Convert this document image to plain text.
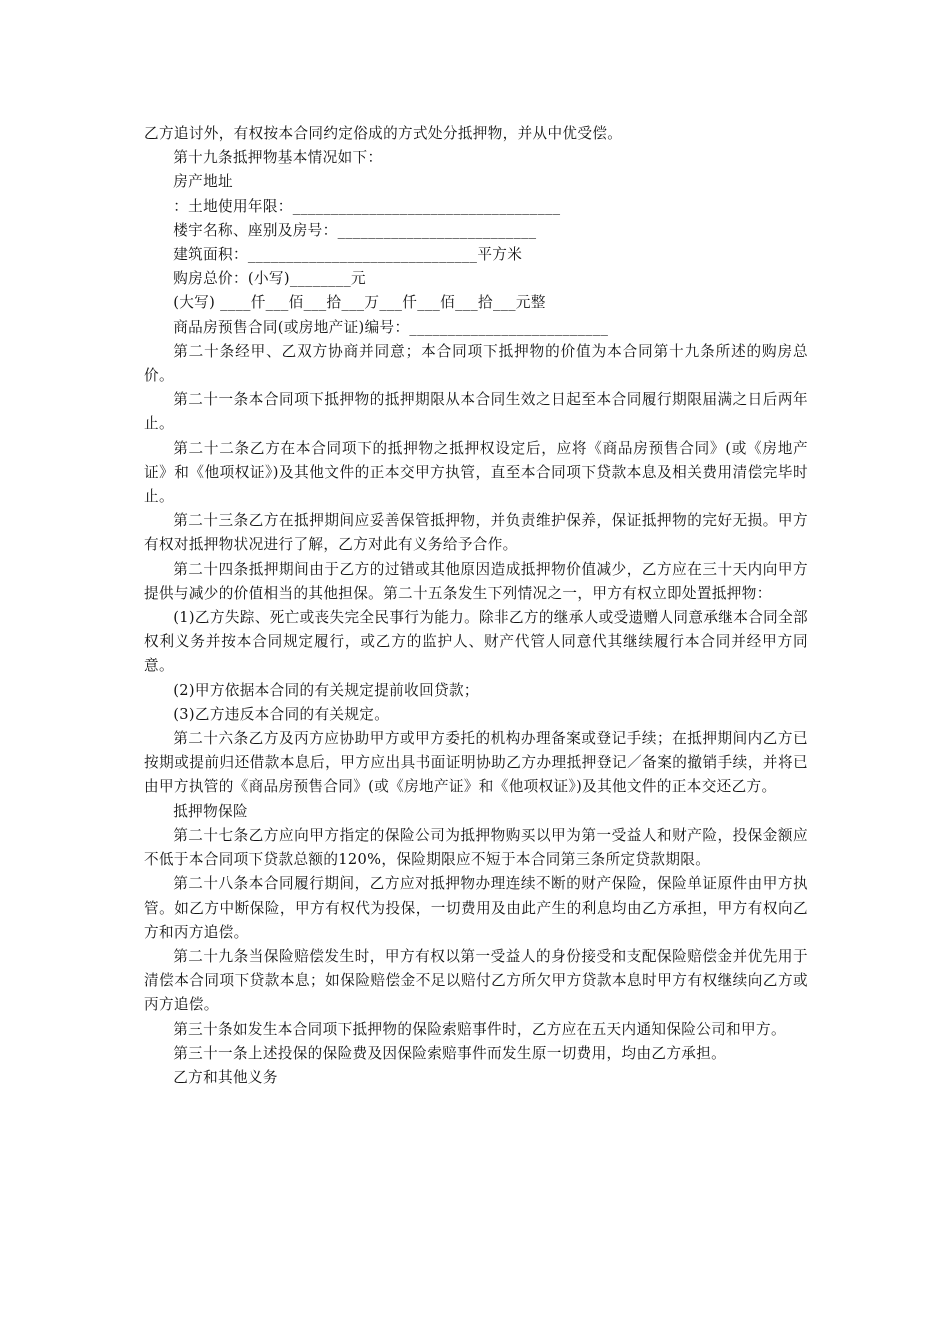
乙方追讨外，有权按本合同约定俗成的方式处分抵押物，并从中优受偿。

第十九条抵押物基本情况如下：

房产地址

：土地使用年限：___________________________________

楼宇名称、座别及房号：__________________________

建筑面积：______________________________平方米

购房总价：(小写)________元

(大写) ____仟___佰___拾___万___仟___佰___拾___元整

商品房预售合同(或房地产证)编号：__________________________

第二十条经甲、乙双方协商并同意；本合同项下抵押物的价值为本合同第十九条所述的购房总价。

第二十一条本合同项下抵押物的抵押期限从本合同生效之日起至本合同履行期限届满之日后两年止。

第二十二条乙方在本合同项下的抵押物之抵押权设定后，应将《商品房预售合同》(或《房地产证》和《他项权证》)及其他文件的正本交甲方执管，直至本合同项下贷款本息及相关费用清偿完毕时止。

第二十三条乙方在抵押期间应妥善保管抵押物，并负责维护保养，保证抵押物的完好无损。甲方有权对抵押物状况进行了解，乙方对此有义务给予合作。

第二十四条抵押期间由于乙方的过错或其他原因造成抵押物价值减少，乙方应在三十天内向甲方提供与减少的价值相当的其他担保。第二十五条发生下列情况之一，甲方有权立即处置抵押物：

(1)乙方失踪、死亡或丧失完全民事行为能力。除非乙方的继承人或受遗赠人同意承继本合同全部权利义务并按本合同规定履行，或乙方的监护人、财产代管人同意代其继续履行本合同并经甲方同意。

(2)甲方依据本合同的有关规定提前收回贷款；

(3)乙方违反本合同的有关规定。

第二十六条乙方及丙方应协助甲方或甲方委托的机构办理备案或登记手续；在抵押期间内乙方已按期或提前归还借款本息后，甲方应出具书面证明协助乙方办理抵押登记／备案的撤销手续，并将已由甲方执管的《商品房预售合同》(或《房地产证》和《他项权证》)及其他文件的正本交还乙方。

抵押物保险

第二十七条乙方应向甲方指定的保险公司为抵押物购买以甲为第一受益人和财产险，投保金额应不低于本合同项下贷款总额的120%，保险期限应不短于本合同第三条所定贷款期限。

第二十八条本合同履行期间，乙方应对抵押物办理连续不断的财产保险，保险单证原件由甲方执管。如乙方中断保险，甲方有权代为投保，一切费用及由此产生的利息均由乙方承担，甲方有权向乙方和丙方追偿。

第二十九条当保险赔偿发生时，甲方有权以第一受益人的身份接受和支配保险赔偿金并优先用于清偿本合同项下贷款本息；如保险赔偿金不足以赔付乙方所欠甲方贷款本息时甲方有权继续向乙方或丙方追偿。

第三十条如发生本合同项下抵押物的保险索赔事件时，乙方应在五天内通知保险公司和甲方。

第三十一条上述投保的保险费及因保险索赔事件而发生原一切费用，均由乙方承担。

乙方和其他义务
